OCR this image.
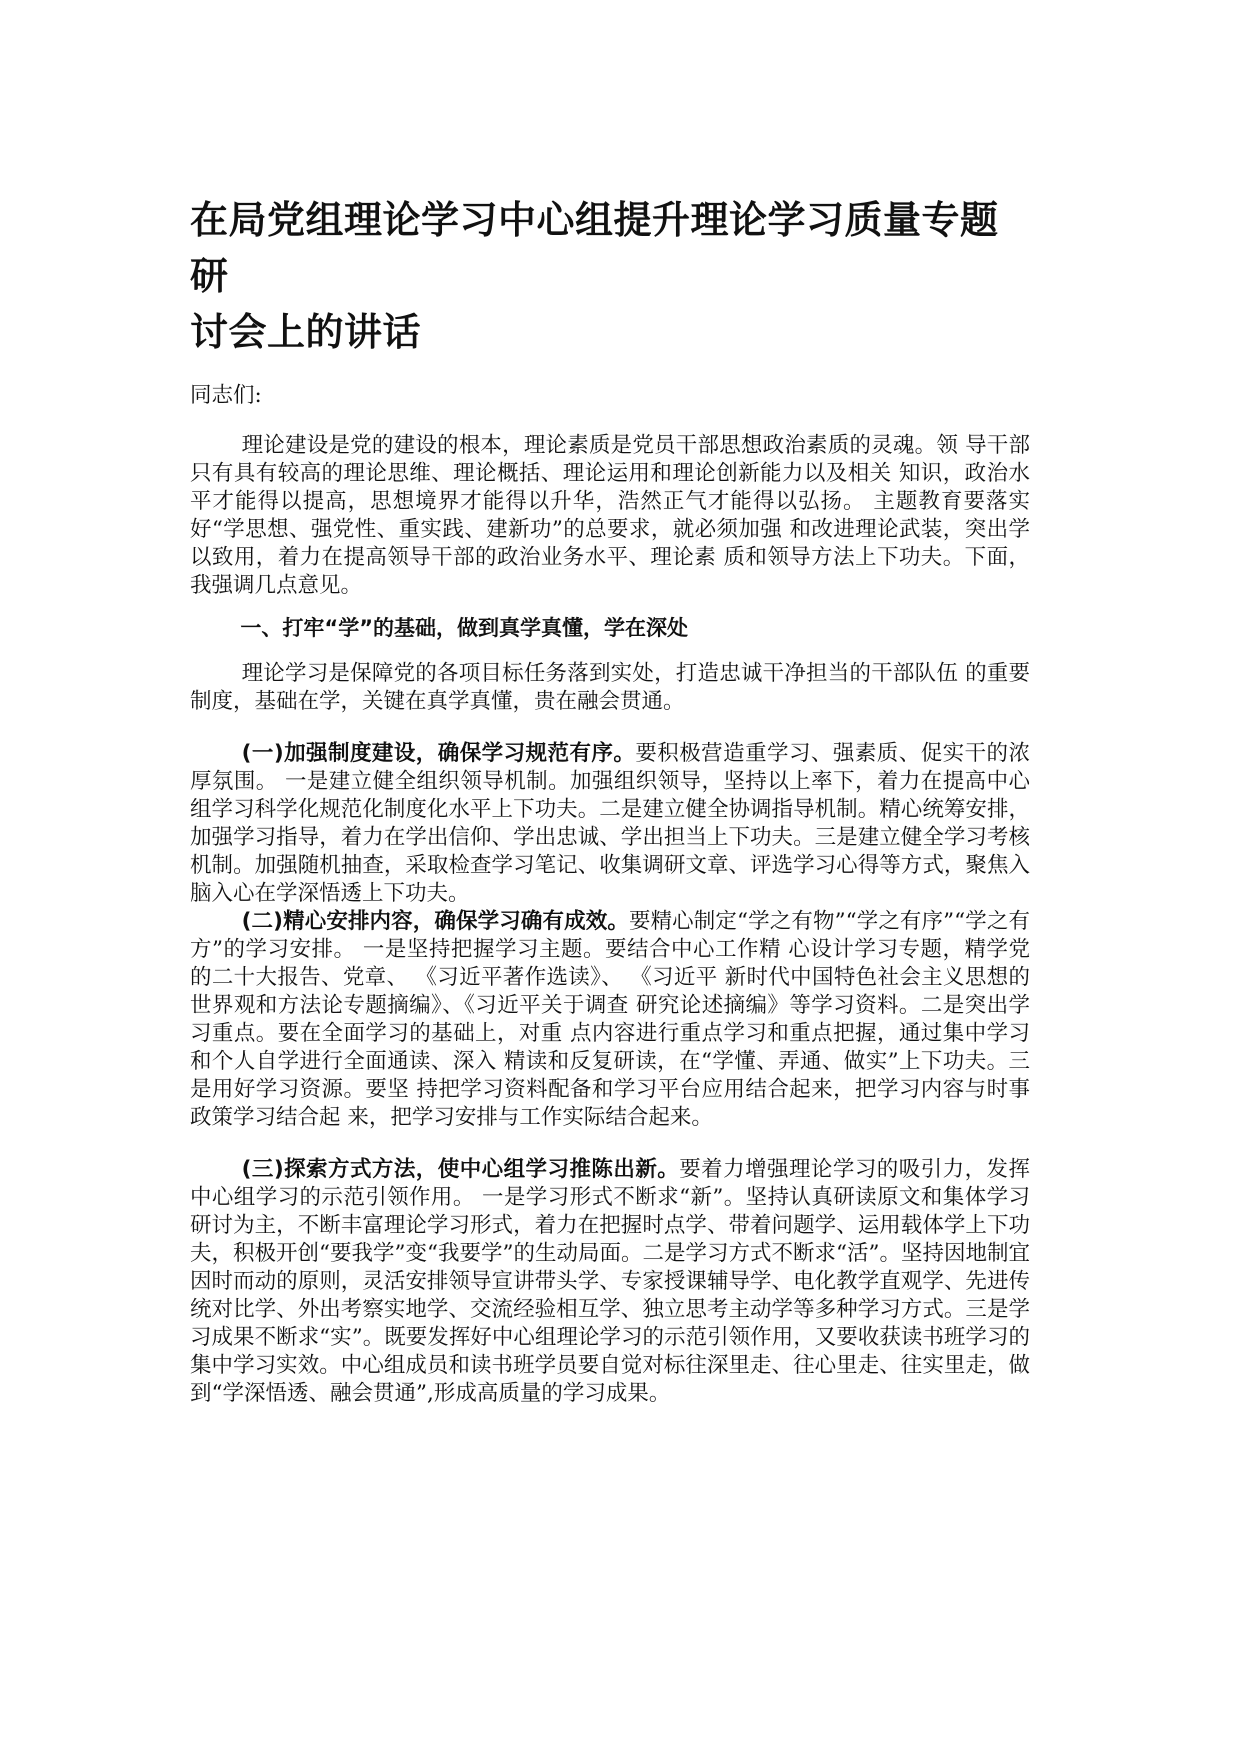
在局党组理论学习中心组提升理论学习质量专题研
讨会上的讲话

同志们:

理论建设是党的建设的根本，理论素质是党员干部思想政治素质的灵魂。领 导干部只有具有较高的理论思维、理论概括、理论运用和理论创新能力以及相关 知识，政治水平才能得以提高，思想境界才能得以升华，浩然正气才能得以弘扬。 主题教育要落实好“学思想、强党性、重实践、建新功”的总要求，就必须加强 和改进理论武装，突出学以致用，着力在提高领导干部的政治业务水平、理论素 质和领导方法上下功夫。下面，我强调几点意见。

一、打牢“学”的基础，做到真学真懂，学在深处

理论学习是保障党的各项目标任务落到实处，打造忠诚干净担当的干部队伍 的重要制度，基础在学，关键在真学真懂，贵在融会贯通。

(一)加强制度建设，确保学习规范有序。要积极营造重学习、强素质、促实干的浓厚氛围。 一是建立健全组织领导机制。加强组织领导，坚持以上率下，着力在提高中心组学习科学化规范化制度化水平上下功夫。二是建立健全协调指导机制。精心统筹安排，加强学习指导，着力在学出信仰、学出忠诚、学出担当上下功夫。三是建立健全学习考核机制。加强随机抽查，采取检查学习笔记、收集调研文章、评选学习心得等方式，聚焦入脑入心在学深悟透上下功夫。

(二)精心安排内容，确保学习确有成效。要精心制定“学之有物”“学之有序”“学之有方”的学习安排。 一是坚持把握学习主题。要结合中心工作精 心设计学习专题，精学党的二十大报告、党章、 《习近平著作选读》、 《习近平 新时代中国特色社会主义思想的世界观和方法论专题摘编》、《习近平关于调查 研究论述摘编》等学习资料。二是突出学习重点。要在全面学习的基础上，对重 点内容进行重点学习和重点把握，通过集中学习和个人自学进行全面通读、深入 精读和反复研读，在“学懂、弄通、做实”上下功夫。三是用好学习资源。要坚 持把学习资料配备和学习平台应用结合起来，把学习内容与时事政策学习结合起 来，把学习安排与工作实际结合起来。

(三)探索方式方法，使中心组学习推陈出新。要着力增强理论学习的吸引力，发挥中心组学习的示范引领作用。 一是学习形式不断求“新”。坚持认真研读原文和集体学习研讨为主，不断丰富理论学习形式，着力在把握时点学、带着问题学、运用载体学上下功夫，积极开创“要我学”变“我要学”的生动局面。二是学习方式不断求“活”。坚持因地制宜因时而动的原则，灵活安排领导宣讲带头学、专家授课辅导学、电化教学直观学、先进传统对比学、外出考察实地学、交流经验相互学、独立思考主动学等多种学习方式。三是学习成果不断求“实”。既要发挥好中心组理论学习的示范引领作用，又要收获读书班学习的集中学习实效。中心组成员和读书班学员要自觉对标往深里走、往心里走、往实里走，做到“学深悟透、融会贯通”,形成高质量的学习成果。
